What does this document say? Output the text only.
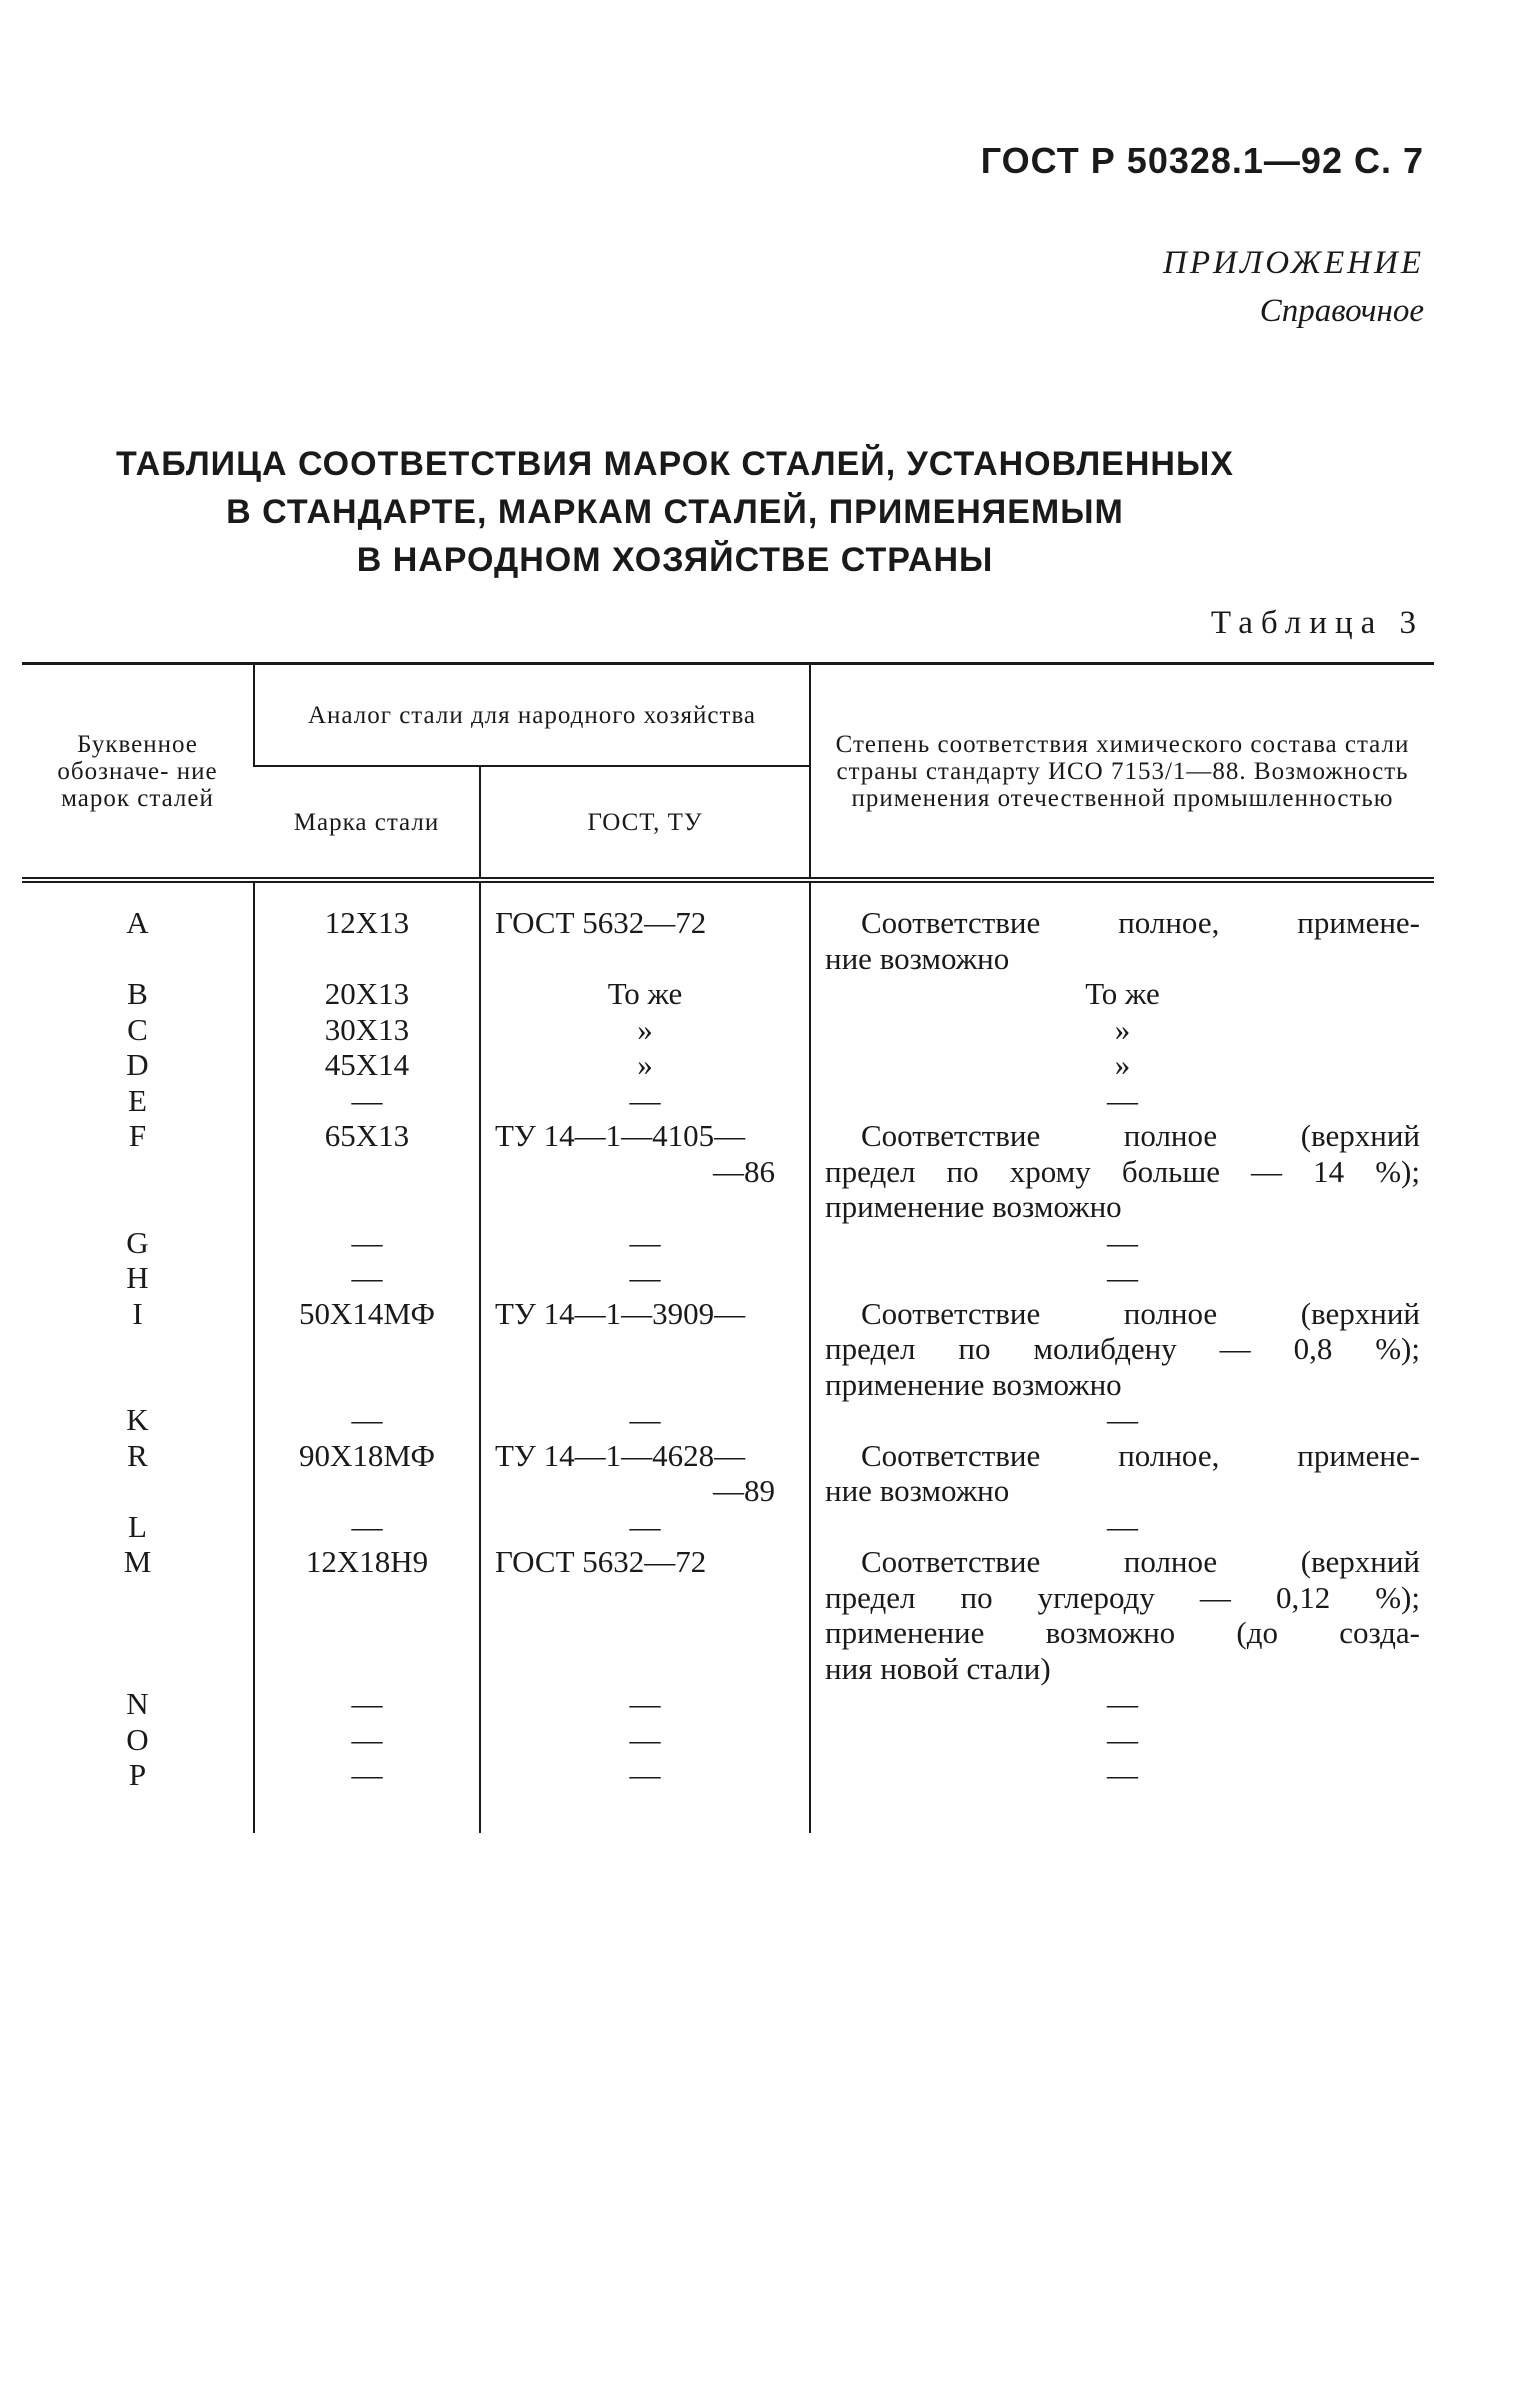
ГОСТ Р 50328.1—92 С. 7
ПРИЛОЖЕНИЕ
Справочное
ТАБЛИЦА СООТВЕТСТВИЯ МАРОК СТАЛЕЙ, УСТАНОВЛЕННЫХ
В СТАНДАРТЕ, МАРКАМ СТАЛЕЙ, ПРИМЕНЯЕМЫМ
В НАРОДНОМ ХОЗЯЙСТВЕ СТРАНЫ
Таблица 3
Буквенное обозначе- ние марок сталей	Аналог стали для народного хозяйства		Степень соответствия химического состава стали страны стандарту ИСО 7153/1—88. Возможность применения отечественной промышленностью
	Марка стали	ГОСТ, ТУ	
A	12Х13	ГОСТ 5632—72	Соответствие полное, примене-
ние возможно

B	20Х13	То же	То же

C	30Х13	»	»

D	45Х14	»	»

E	—	—	—

F	65Х13	ТУ 14—1—4105—
—86	Соответствие полное (верхний
предел по хрому больше — 14 %);
применение возможно

G	—	—	—

H	—	—	—

I	50Х14МФ	ТУ 14—1—3909—	Соответствие полное (верхний
предел по молибдену — 0,8 %);
применение возможно

K	—	—	—

R	90Х18МФ	ТУ 14—1—4628—
—89	Соответствие полное, примене-
ние возможно

L	—	—	—

M	12Х18Н9	ГОСТ 5632—72	Соответствие полное (верхний
предел по углероду — 0,12 %);
применение возможно (до созда-
ния новой стали)

N	—	—	—

O	—	—	—

P	—	—	—
